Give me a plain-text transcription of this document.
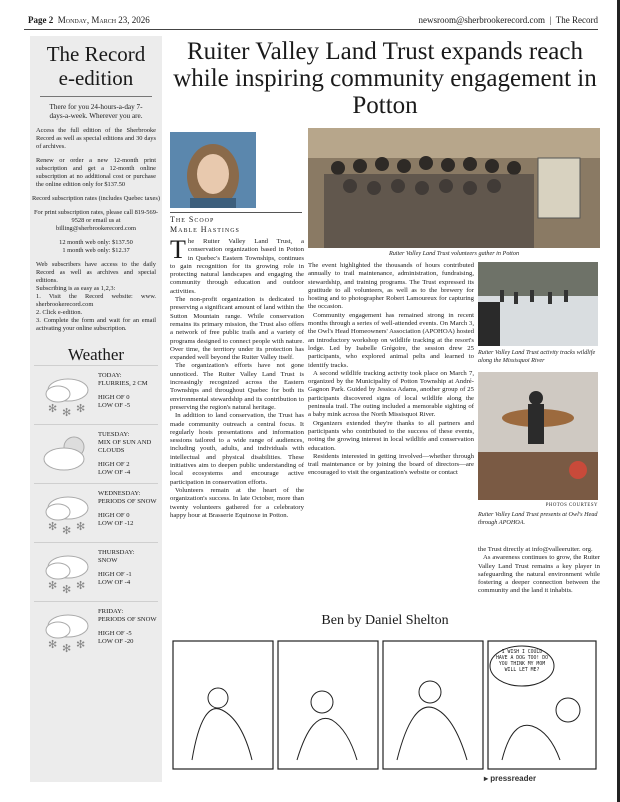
Page 2 Monday, March 23, 2026	newsroom@sherbrookerecord.com  |  The Record
The Record
e-edition
There for you 24-hours-a-day 7-days-a-week. Wherever you are.
Access the full edition of the Sherbrooke Record as well as special editions and 30 days of archives.
Renew or order a new 12-month print subscription and get a 12-month online subscription at no additional cost or purchase the online edition only for $137.50
Record subscription rates (includes Quebec taxes)
For print subscription rates, please call 819-569-9528 or email us at
billing@sherbrookerecord.com
12 month web only: $137.50
1 month web only: $12.37
Web subscribers have access to the daily Record as well as archives and special editions.
Subscribing is as easy as 1,2,3:
1. Visit the Record website: www. sherbrookerecord.com
2. Click e-edition.
3. Complete the form and wait for an email activating your online subscription.
Weather
✻ ✻ ✻
TODAY:
FLURRIES, 2 CM
HIGH OF 0
LOW OF -5
TUESDAY:
MIX OF SUN AND CLOUDS
HIGH OF 2
LOW OF -4
✻ ✻ ✻
WEDNESDAY:
PERIODS OF SNOW
HIGH OF 0
LOW OF -12
✻ ✻ ✻
THURSDAY:
SNOW
HIGH OF -1
LOW OF -4
✻ ✻ ✻
FRIDAY:
PERIODS OF SNOW
HIGH OF -5
LOW OF -20
Ruiter Valley Land Trust expands reach while inspiring community engagement in Potton
The Scoop
Mable Hastings

The Ruiter Valley Land Trust, a conservation organization based in Potton in Quebec's Eastern Townships, continues to gain recognition for its growing role in protecting natural landscapes and engaging the community through education and outdoor activities.

The non-profit organization is dedicated to preserving a significant amount of land within the Sutton Mountain range. While conservation remains its primary mission, the Trust also offers a network of free public trails and a variety of programs designed to connect people with nature. Over time, the territory under its protection has expanded well beyond the Ruiter Valley itself.

The organization's efforts have not gone unnoticed. The Ruiter Valley Land Trust is increasingly recognized across the Eastern Townships and throughout Quebec for both its environmental stewardship and its contribution to preserving the region's natural heritage.

In addition to land conservation, the Trust has made community outreach a central focus. It regularly hosts presentations and information sessions tailored to a wide range of audiences, including youth, adults, and individuals with intellectual and physical disabilities. These initiatives aim to deepen public understanding of local ecosystems and encourage active participation in conservation efforts.

Volunteers remain at the heart of the organization's success. In late October, more than twenty volunteers gathered for a celebratory happy hour at Brasserie Equinoxe in Potton.

Ruiter Valley Land Trust volunteers gather in Potton

The event highlighted the thousands of hours contributed annually to trail maintenance, administration, fundraising, stewardship, and training programs. The Trust expressed its gratitude to all volunteers, as well as to the brewery for hosting and to photographer Robert Lamoureux for capturing the occasion.

Community engagement has remained strong in recent months through a series of well-attended events. On March 3, the Owl's Head Homeowners' Association (APOHOA) hosted an introductory workshop on wildlife tracking at the resort's lodge. Led by Isabelle Grégoire, the session drew 25 participants, who explored animal pelts and learned to identify tracks.

A second wildlife tracking activity took place on March 7, organized by the Municipality of Potton Township at André-Gagnon Park. Guided by Jessica Adams, another group of 25 participants discovered signs of local wildlife along the peninsula trail. The outing included a memorable sighting of a baby mink across the North Missisquoi River.

Organizers extended they're thanks to all partners and participants who contributed to the success of these events, noting the growing interest in local wildlife and conservation education.

Residents interested in getting involved—whether through trail maintenance or by joining the board of directors—are encouraged to visit the organization's website or contact

Ruiter Valley Land Trust activity tracks wildlife along the Missisquoi River
PHOTOS COURTESY
Ruiter Valley Land Trust presents at Owl's Head through APOHOA.

the Trust directly at info@valleeruiter. org.

As awareness continues to grow, the Ruiter Valley Land Trust remains a key player in safeguarding the natural environment while fostering a deeper connection between the community and the land it inhabits.

Ben by Daniel Shelton
I WISH I COULD HAVE A DOG TOO! DO YOU THINK MY MOM WILL LET ME?
▸ pressreader
